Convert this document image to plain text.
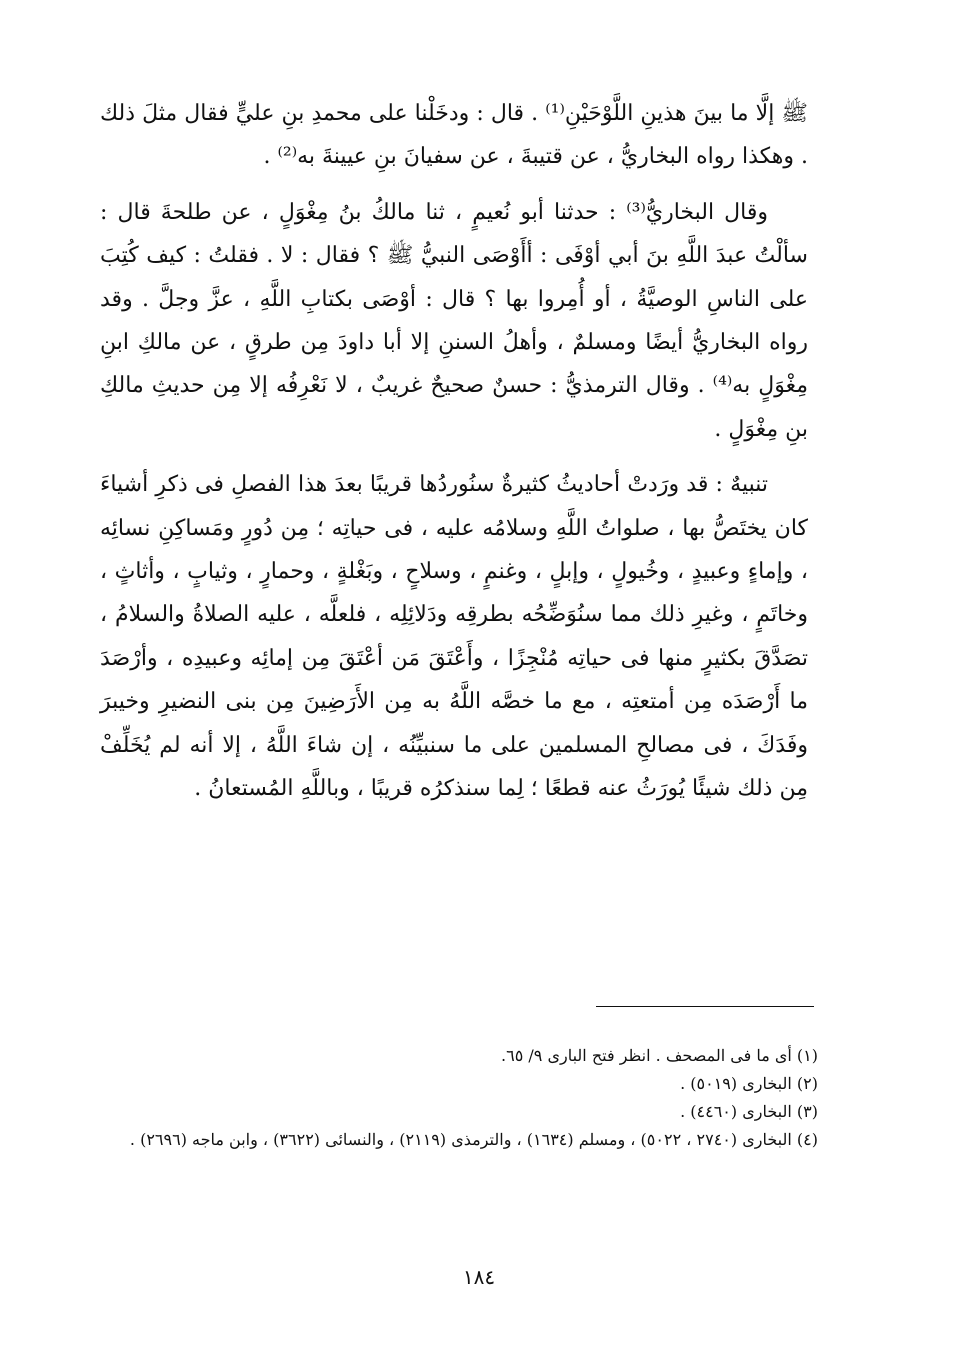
ﷺ إلَّا ما بينَ هذينِ اللَّوْحَيْنِ⁽¹⁾ . قال : ودخَلْنا على محمدِ بنِ عليٍّ فقال مثلَ ذلك . وهكذا رواه البخاريُّ ، عن قتيبةَ ، عن سفيانَ بنِ عيينةَ به⁽²⁾ .

وقال البخاريُّ⁽³⁾ : حدثنا أبو نُعيمٍ ، ثنا مالكُ بنُ مِغْوَلٍ ، عن طلحةَ قال : سألْتُ عبدَ اللَّهِ بنَ أبي أوْفَى : أأَوْصَى النبيُّ ﷺ ؟ فقال : لا . فقلتُ : كيف كُتِبَ على الناسِ الوصيَّةُ ، أو أُمِروا بها ؟ قال : أوْصَى بكتابِ اللَّهِ ، عزَّ وجلَّ . وقد رواه البخاريُّ أيضًا ومسلمٌ ، وأهلُ السننِ إلا أبا داودَ مِن طرقٍ ، عن مالكِ ابنِ مِغْوَلٍ به⁽⁴⁾ . وقال الترمذيُّ : حسنٌ صحيحٌ غريبٌ ، لا نَعْرِفُه إلا مِن حديثِ مالكِ بنِ مِغْوَلٍ .

تنبيهٌ : قد ورَدتْ أحاديثُ كثيرةٌ سنُوردُها قريبًا بعدَ هذا الفصلِ فى ذكرِ أشياءَ كان يختَصُّ بها ، صلواتُ اللَّهِ وسلامُه عليه ، فى حياتِه ؛ مِن دُورٍ ومَساكِنِ نسائِه ، وإماءٍ وعبيدٍ ، وخُيولٍ ، وإبلٍ ، وغنمٍ ، وسلاحٍ ، وبَغْلةٍ ، وحمارٍ ، وثيابٍ ، وأثاثٍ ، وخاتَمٍ ، وغيرِ ذلك مما سنُوَضِّحُه بطرقِه ودَلائِلِه ، فلعلَّه ، عليه الصلاةُ والسلامُ ، تصَدَّقَ بكثيرٍ منها فى حياتِه مُنْجِزًا ، وأَعْتَقَ مَن أعْتَقَ مِن إمائِه وعبيدِه ، وأرْصَدَ ما أَرْصَدَه مِن أمتعتِه ، مع ما خصَّه اللَّهُ به مِن الأَرَضِينَ مِن بنى النضيرِ وخيبرَ وفَدَكَ ، فى مصالحِ المسلمين على ما سنبيِّنُه ، إن شاءَ اللَّهُ ، إلا أنه لم يُخَلِّفْ مِن ذلك شيئًا يُورَثُ عنه قطعًا ؛ لِما سنذكرُه قريبًا ، وباللَّهِ المُستعانُ .

(١) أى ما فى المصحف . انظر فتح البارى ٩/ ٦٥.

(٢) البخارى (٥٠١٩) .

(٣) البخارى (٤٤٦٠) .

(٤) البخارى (٢٧٤٠ ، ٥٠٢٢) ، ومسلم (١٦٣٤) ، والترمذى (٢١١٩) ، والنسائى (٣٦٢٢) ، وابن ماجه (٢٦٩٦) .

١٨٤
